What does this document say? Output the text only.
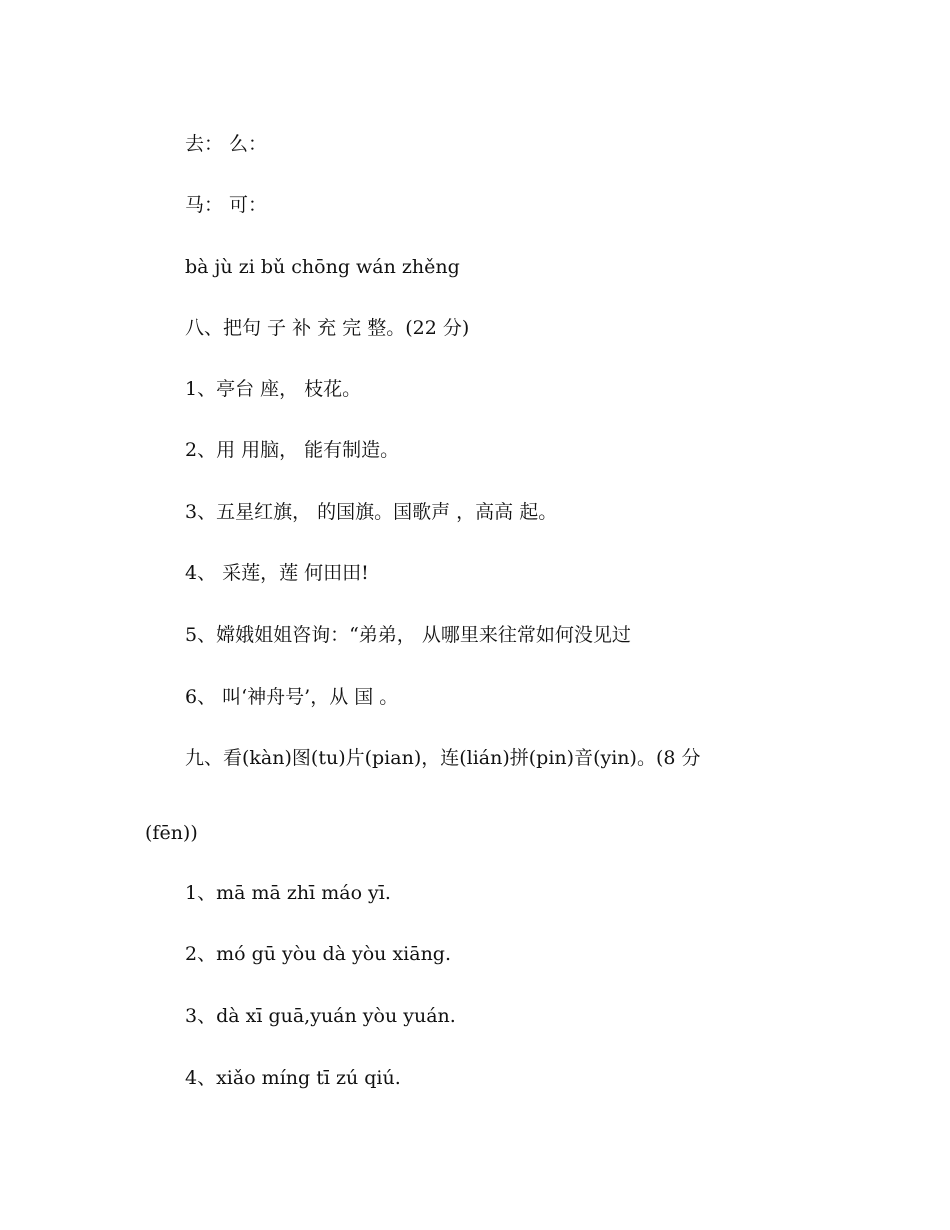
去： 么：
马： 可：
bà jù zi bǔ chōng wán zhěng
八、把句 子 补 充 完 整。(22 分)
1、亭台 座， 枝花。
2、用 用脑， 能有制造。
3、五星红旗， 的国旗。国歌声 ，高高 起。
4、 采莲，莲 何田田!
5、嫦娥姐姐咨询：“弟弟， 从哪里来往常如何没见过
6、 叫‘神舟号’，从 国 。
九、看(kàn)图(tu)片(pian)，连(lián)拼(pin)音(yin)。(8 分
(fēn))
1、mā mā zhī máo yī.
2、mó gū yòu dà yòu xiāng.
3、dà xī guā,yuán yòu yuán.
4、xiǎo míng tī zú qiú.
